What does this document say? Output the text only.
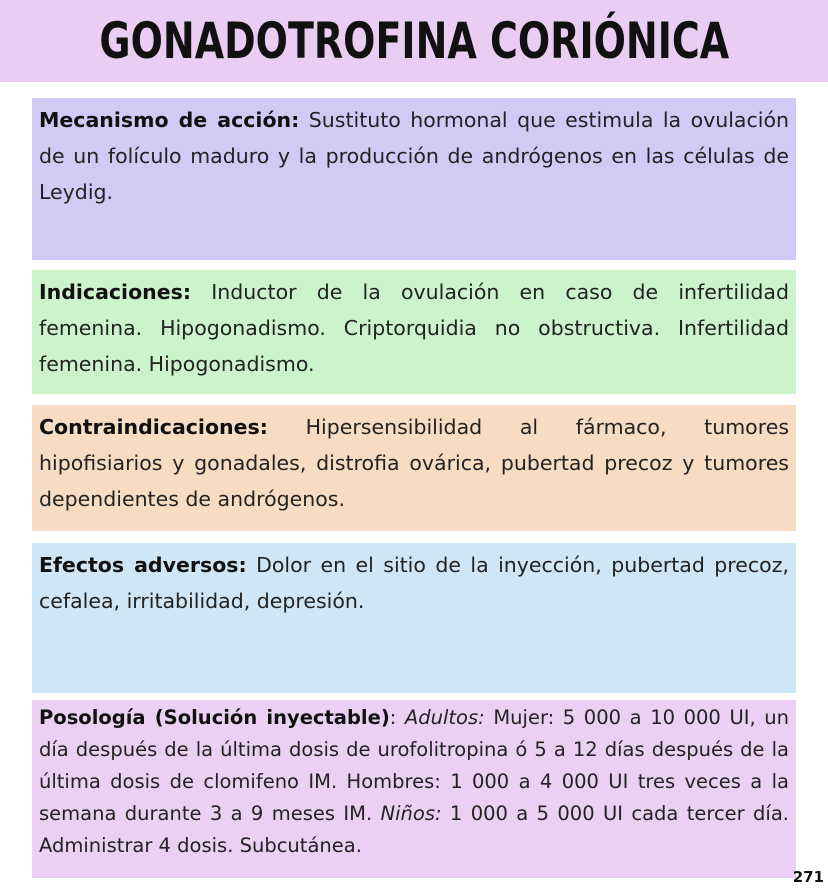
GONADOTROFINA CORIÓNICA
Mecanismo de acción: Sustituto hormonal que estimula la ovulación de un folículo maduro y la producción de andrógenos en las células de Leydig.
Indicaciones: Inductor de la ovulación en caso de infertilidad femenina. Hipogonadismo. Criptorquidia no obstructiva. Infertilidad femenina. Hipogonadismo.
Contraindicaciones: Hipersensibilidad al fármaco, tumores hipofisiarios y gonadales, distrofia ovárica, pubertad precoz y tumores dependientes de andrógenos.
Efectos adversos: Dolor en el sitio de la inyección, pubertad precoz, cefalea, irritabilidad, depresión.
Posología (Solución inyectable): Adultos: Mujer: 5 000 a 10 000 UI, un día después de la última dosis de urofolitropina ó 5 a 12 días después de la última dosis de clomifeno IM. Hombres: 1 000 a 4 000 UI tres veces a la semana durante 3 a 9 meses IM. Niños: 1 000 a 5 000 UI cada tercer día. Administrar 4 dosis. Subcutánea.
271
